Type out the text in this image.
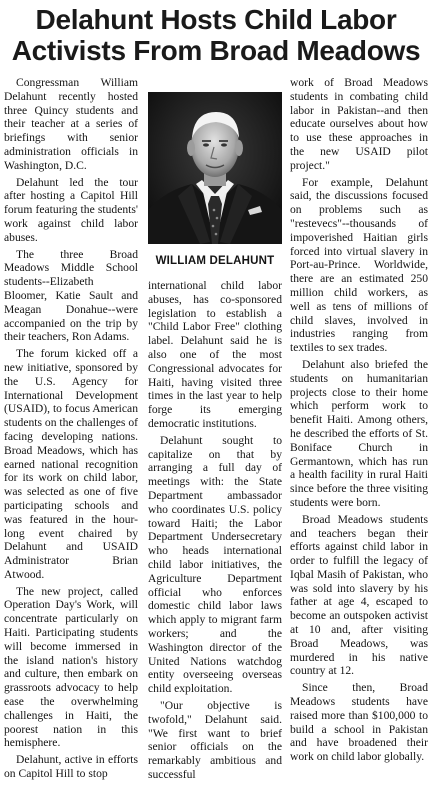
Delahunt Hosts Child Labor
Activists From Broad Meadows

Congressman William Delahunt recently hosted three Quincy students and their teacher at a series of briefings with senior administration officials in Washington, D.C.

Delahunt led the tour after hosting a Capitol Hill forum featuring the students' work against child labor abuses.

The three Broad Meadows Middle School students--Elizabeth Bloomer, Katie Sault and Meagan Donahue--were accompanied on the trip by their teachers, Ron Adams.

The forum kicked off a new initiative, sponsored by the U.S. Agency for International Development (USAID), to focus American students on the challenges of facing developing nations. Broad Meadows, which has earned national recognition for its work on child labor, was selected as one of five participating schools and was featured in the hour-long event chaired by Delahunt and USAID Administrator Brian Atwood.

The new project, called Operation Day's Work, will concentrate particularly on Haiti. Participating students will become immersed in the island nation's history and culture, then embark on grassroots advocacy to help ease the overwhelming challenges in Haiti, the poorest nation in this hemisphere.

Delahunt, active in efforts on Capitol Hill to stop

WILLIAM DELAHUNT

international child labor abuses, has co-sponsored legislation to establish a "Child Labor Free" clothing label. Delahunt said he is also one of the most Congressional advocates for Haiti, having visited three times in the last year to help forge its emerging democratic institutions.

Delahunt sought to capitalize on that by arranging a full day of meetings with: the State Department ambassador who coordinates U.S. policy toward Haiti; the Labor Department Undersecretary who heads international child labor initiatives, the Agriculture Department official who enforces domestic child labor laws which apply to migrant farm workers; and the Washington director of the United Nations watchdog entity overseeing overseas child exploitation.

"Our objective is twofold," Delahunt said. "We first want to brief senior officials on the remarkably ambitious and successful

work of Broad Meadows students in combating child labor in Pakistan--and then educate ourselves about how to use these approaches in the new USAID pilot project."

For example, Delahunt said, the discussions focused on problems such as "restevecs"--thousands of impoverished Haitian girls forced into virtual slavery in Port-au-Prince. Worldwide, there are an estimated 250 million child workers, as well as tens of millions of child slaves, involved in industries ranging from textiles to sex trades.

Delahunt also briefed the students on humanitarian projects close to their home which perform work to benefit Haiti. Among others, he described the efforts of St. Boniface Church in Germantown, which has run a health facility in rural Haiti since before the three visiting students were born.

Broad Meadows students and teachers began their efforts against child labor in order to fulfill the legacy of Iqbal Masih of Pakistan, who was sold into slavery by his father at age 4, escaped to become an outspoken activist at 10 and, after visiting Broad Meadows, was murdered in his native country at 12.

Since then, Broad Meadows students have raised more than $100,000 to build a school in Pakistan and have broadened their work on child labor globally.
